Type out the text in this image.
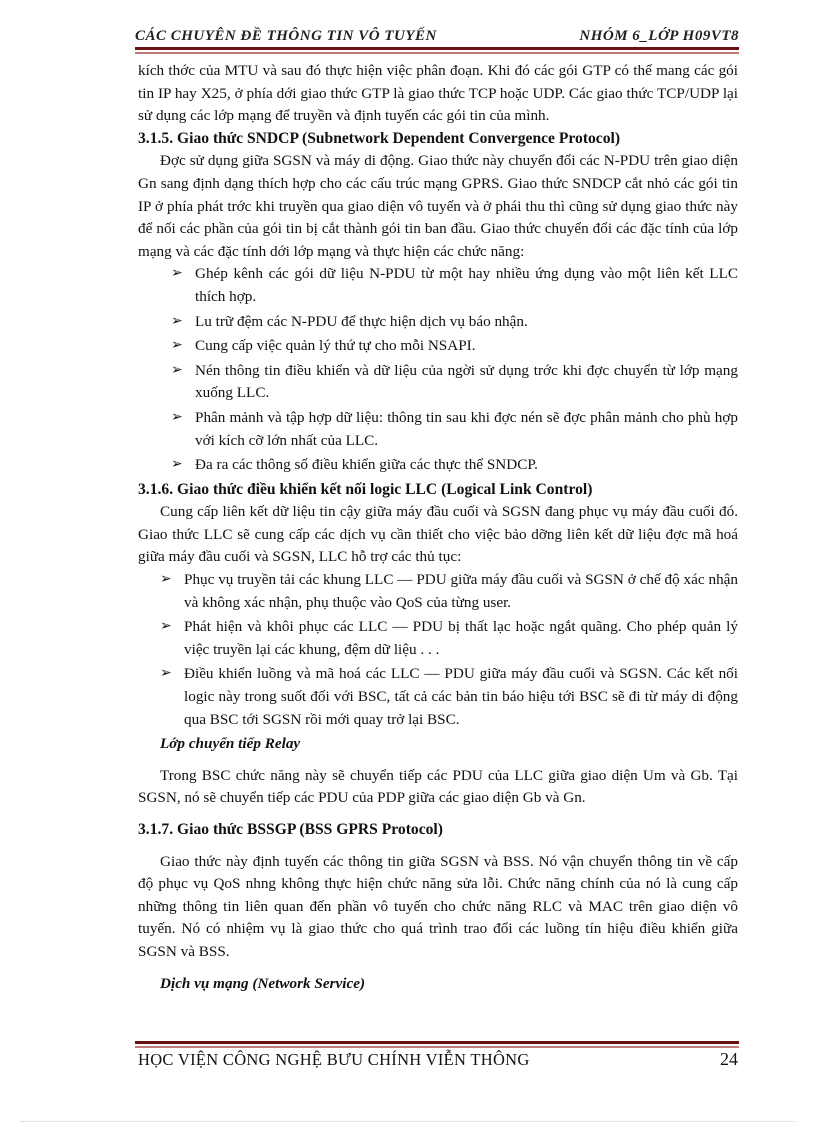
CÁC CHUYÊN ĐỀ THÔNG TIN VÔ TUYẾN	NHÓM 6_LỚP H09VT8

kích thớc của MTU và sau đó thực hiện việc phân đoạn. Khi đó các gói GTP có thể mang các gói tin IP hay X25, ở phía dới giao thức GTP là giao thức TCP hoặc UDP. Các giao thức TCP/UDP lại sử dụng các lớp mạng để truyền và định tuyến các gói tin của mình.

3.1.5. Giao thức SNDCP (Subnetwork Dependent Convergence Protocol)

Đợc sử dụng giữa SGSN và máy di động. Giao thức này chuyển đổi các N-PDU trên giao diện Gn sang định dạng thích hợp cho các cấu trúc mạng GPRS. Giao thức SNDCP cắt nhỏ các gói tin IP ở phía phát trớc khi truyền qua giao diện vô tuyến và ở phái thu thì cũng sử dụng giao thức này để nối các phần của gói tin bị cắt thành gói tin ban đầu. Giao thức chuyển đổi các đặc tính của lớp mạng và các đặc tính dới lớp mạng và thực hiện các chức năng:

➢ Ghép kênh các gói dữ liệu N-PDU từ một hay nhiều ứng dụng vào một liên kết LLC thích hợp.
➢ Lu trữ đệm các N-PDU để thực hiện dịch vụ báo nhận.
➢ Cung cấp việc quản lý thứ tự cho mỗi NSAPI.
➢ Nén thông tin điều khiển và dữ liệu của ngời sử dụng trớc khi đợc chuyển từ lớp mạng xuống LLC.
➢ Phân mảnh và tập hợp dữ liệu: thông tin sau khi đợc nén sẽ đợc phân mảnh cho phù hợp với kích cỡ lớn nhất của LLC.
➢ Đa ra các thông số điều khiển giữa các thực thể SNDCP.

3.1.6. Giao thức điều khiển kết nối logic LLC (Logical Link Control)

Cung cấp liên kết dữ liệu tin cậy giữa máy đầu cuối và SGSN đang phục vụ máy đầu cuối đó. Giao thức LLC sẽ cung cấp các dịch vụ cần thiết cho việc bảo dỡng liên kết dữ liệu đợc mã hoá giữa máy đầu cuối và SGSN, LLC hỗ trợ các thủ tục:

➢ Phục vụ truyền tải các khung LLC — PDU giữa máy đầu cuối và SGSN ở chế độ xác nhận và không xác nhận, phụ thuộc vào QoS của từng user.
➢ Phát hiện và khôi phục các LLC — PDU bị thất lạc hoặc ngắt quãng. Cho phép quản lý việc truyền lại các khung, đệm dữ liệu . . .
➢ Điều khiển luồng và mã hoá các LLC — PDU giữa máy đầu cuối và SGSN. Các kết nối logic này trong suốt đối với BSC, tất cả các bản tin báo hiệu tới BSC sẽ đi từ máy di động qua BSC tới SGSN rồi mới quay trở lại BSC.

Lớp chuyển tiếp Relay

Trong BSC chức năng này sẽ chuyển tiếp các PDU của LLC giữa giao diện Um và Gb. Tại SGSN, nó sẽ chuyển tiếp các PDU của PDP giữa các giao diện Gb và Gn.

3.1.7. Giao thức BSSGP (BSS GPRS Protocol)

Giao thức này định tuyến các thông tin giữa SGSN và BSS. Nó vận chuyển thông tin về cấp độ phục vụ QoS nhng không thực hiện chức năng sửa lỗi. Chức năng chính của nó là cung cấp những thông tin liên quan đến phần vô tuyến cho chức năng RLC và MAC trên giao diện vô tuyến. Nó có nhiệm vụ là giao thức cho quá trình trao đổi các luồng tín hiệu điều khiển giữa SGSN và BSS.

Dịch vụ mạng (Network Service)

HỌC VIỆN CÔNG NGHỆ BƯU CHÍNH VIỄN THÔNG	24
